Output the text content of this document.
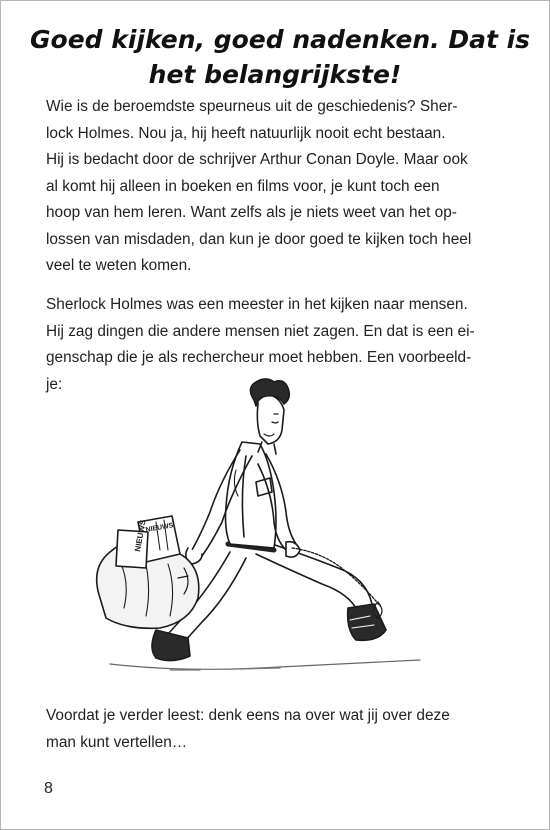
Goed kijken, goed nadenken. Dat is
het belangrijkste!
Wie is de beroemdste speurneus uit de geschiedenis? Sher-
lock Holmes. Nou ja, hij heeft natuurlijk nooit echt bestaan.
Hij is bedacht door de schrijver Arthur Conan Doyle. Maar ook
al komt hij alleen in boeken en films voor, je kunt toch een
hoop van hem leren. Want zelfs als je niets weet van het op-
lossen van misdaden, dan kun je door goed te kijken toch heel
veel te weten komen.
Sherlock Holmes was een meester in het kijken naar mensen.
Hij zag dingen die andere mensen niet zagen. En dat is een ei-
genschap die je als rechercheur moet hebben. Een voorbeeld-
je:
NIEUWS
NIEUWS
Voordat je verder leest: denk eens na over wat jij over deze
man kunt vertellen…
8
